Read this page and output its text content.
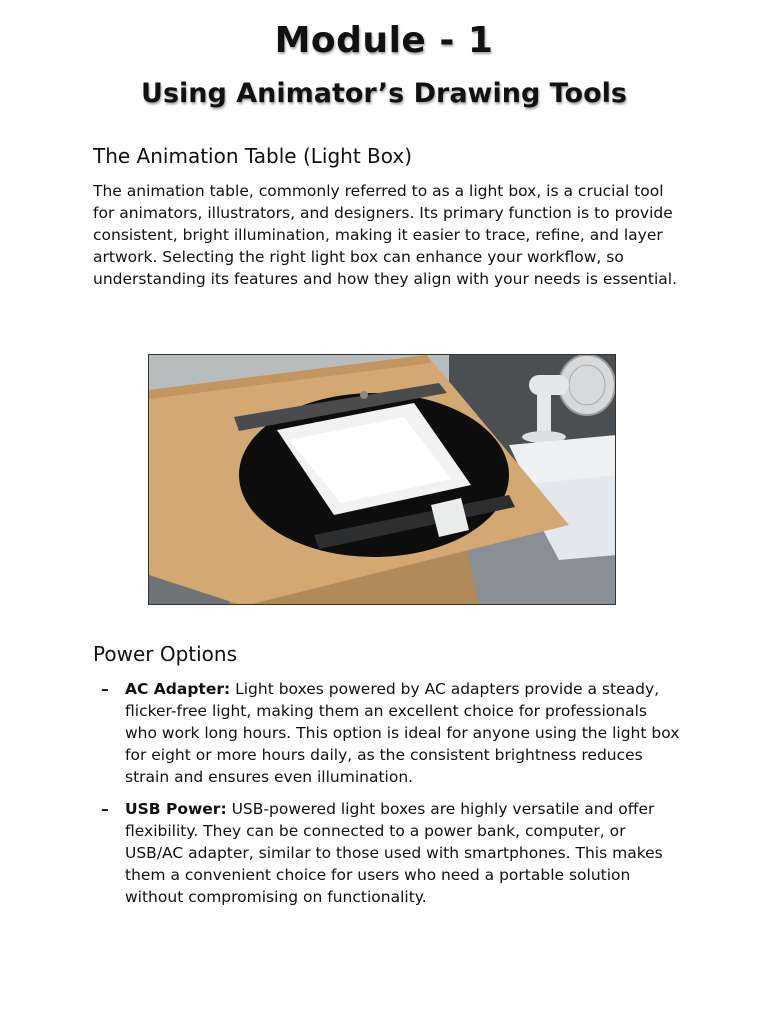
Module - 1
Using Animator’s Drawing Tools
The Animation Table (Light Box)
The animation table, commonly referred to as a light box, is a crucial tool for animators, illustrators, and designers. Its primary function is to provide consistent, bright illumination, making it easier to trace, refine, and layer artwork. Selecting the right light box can enhance your workflow, so understanding its features and how they align with your needs is essential.
Power Options
– AC Adapter: Light boxes powered by AC adapters provide a steady, flicker-free light, making them an excellent choice for professionals who work long hours. This option is ideal for anyone using the light box for eight or more hours daily, as the consistent brightness reduces strain and ensures even illumination.
– USB Power: USB-powered light boxes are highly versatile and offer flexibility. They can be connected to a power bank, computer, or USB/AC adapter, similar to those used with smartphones. This makes them a convenient choice for users who need a portable solution without compromising on functionality.
